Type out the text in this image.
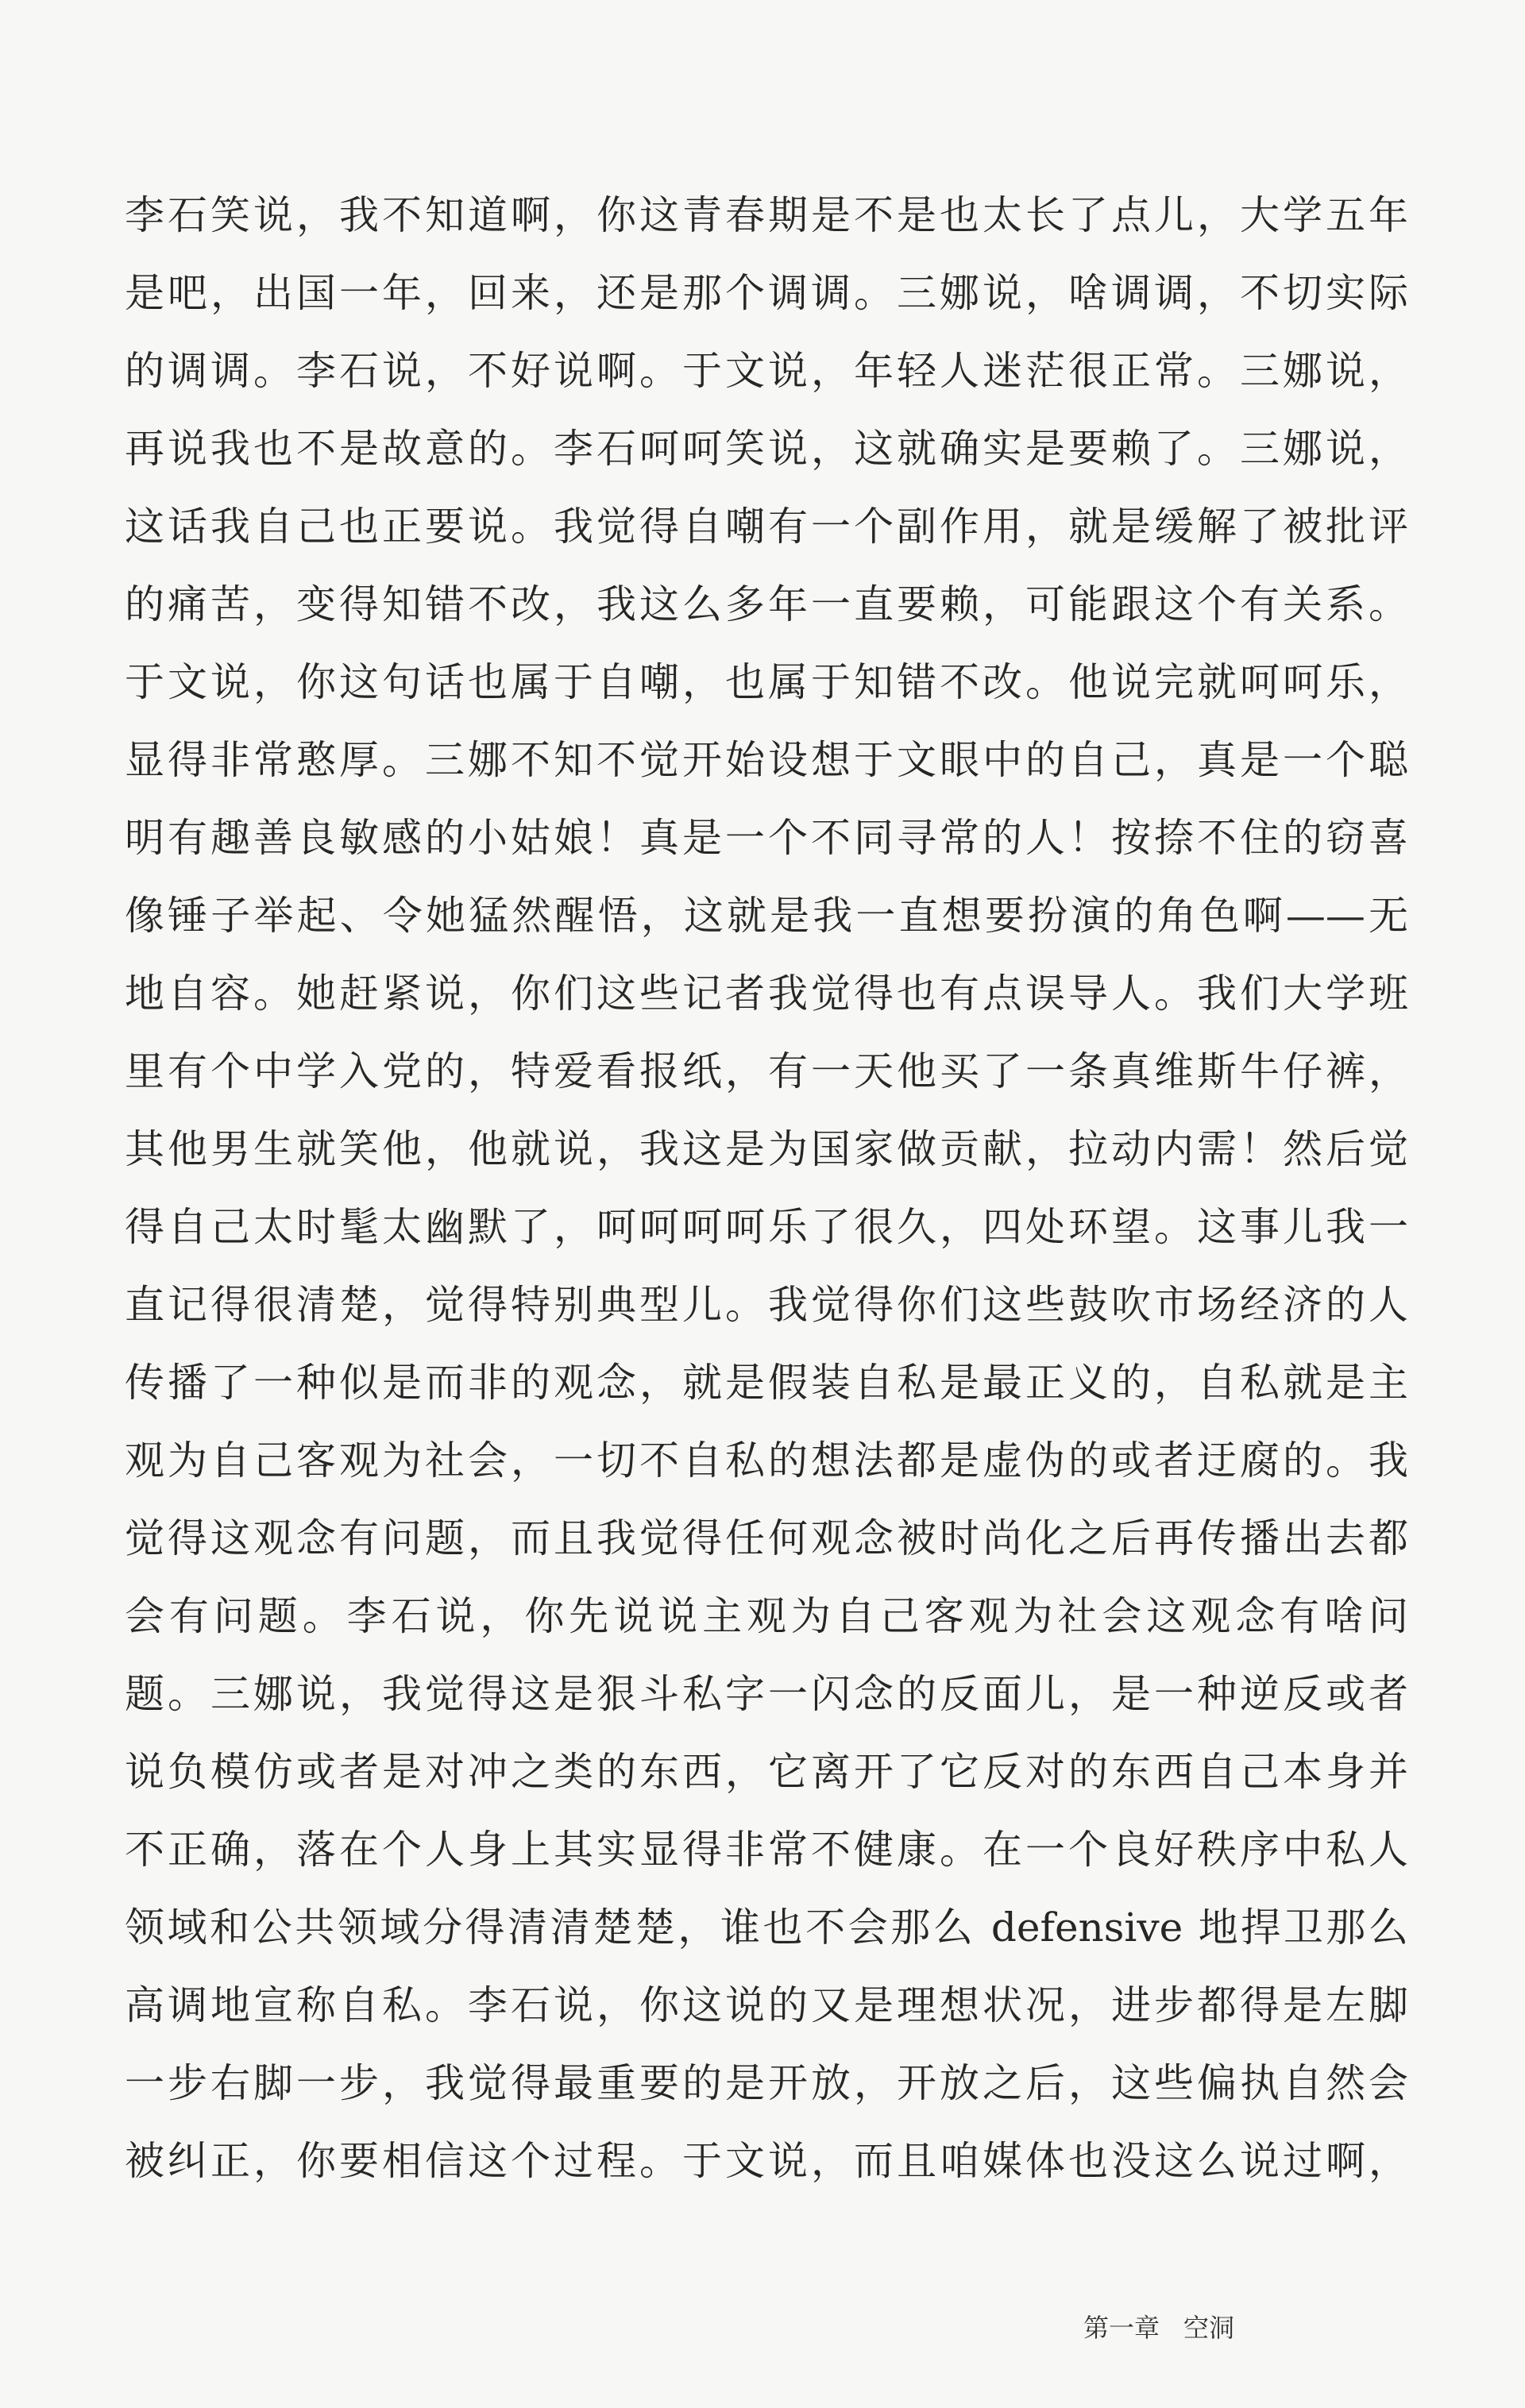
李石笑说，我不知道啊，你这青春期是不是也太长了点儿，大学五年
是吧，出国一年，回来，还是那个调调。三娜说，啥调调，不切实际
的调调。李石说，不好说啊。于文说，年轻人迷茫很正常。三娜说，
再说我也不是故意的。李石呵呵笑说，这就确实是要赖了。三娜说，
这话我自己也正要说。我觉得自嘲有一个副作用，就是缓解了被批评
的痛苦，变得知错不改，我这么多年一直要赖，可能跟这个有关系。
于文说，你这句话也属于自嘲，也属于知错不改。他说完就呵呵乐，
显得非常憨厚。三娜不知不觉开始设想于文眼中的自己，真是一个聪
明有趣善良敏感的小姑娘！真是一个不同寻常的人！按捺不住的窃喜
像锤子举起、令她猛然醒悟，这就是我一直想要扮演的角色啊——无
地自容。她赶紧说，你们这些记者我觉得也有点误导人。我们大学班
里有个中学入党的，特爱看报纸，有一天他买了一条真维斯牛仔裤，
其他男生就笑他，他就说，我这是为国家做贡献，拉动内需！然后觉
得自己太时髦太幽默了，呵呵呵呵乐了很久，四处环望。这事儿我一
直记得很清楚，觉得特别典型儿。我觉得你们这些鼓吹市场经济的人
传播了一种似是而非的观念，就是假装自私是最正义的，自私就是主
观为自己客观为社会，一切不自私的想法都是虚伪的或者迂腐的。我
觉得这观念有问题，而且我觉得任何观念被时尚化之后再传播出去都
会有问题。李石说，你先说说主观为自己客观为社会这观念有啥问
题。三娜说，我觉得这是狠斗私字一闪念的反面儿，是一种逆反或者
说负模仿或者是对冲之类的东西，它离开了它反对的东西自己本身并
不正确，落在个人身上其实显得非常不健康。在一个良好秩序中私人
领域和公共领域分得清清楚楚，谁也不会那么 defensive 地捍卫那么
高调地宣称自私。李石说，你这说的又是理想状况，进步都得是左脚
一步右脚一步，我觉得最重要的是开放，开放之后，这些偏执自然会
被纠正，你要相信这个过程。于文说，而且咱媒体也没这么说过啊，
第一章 空洞
